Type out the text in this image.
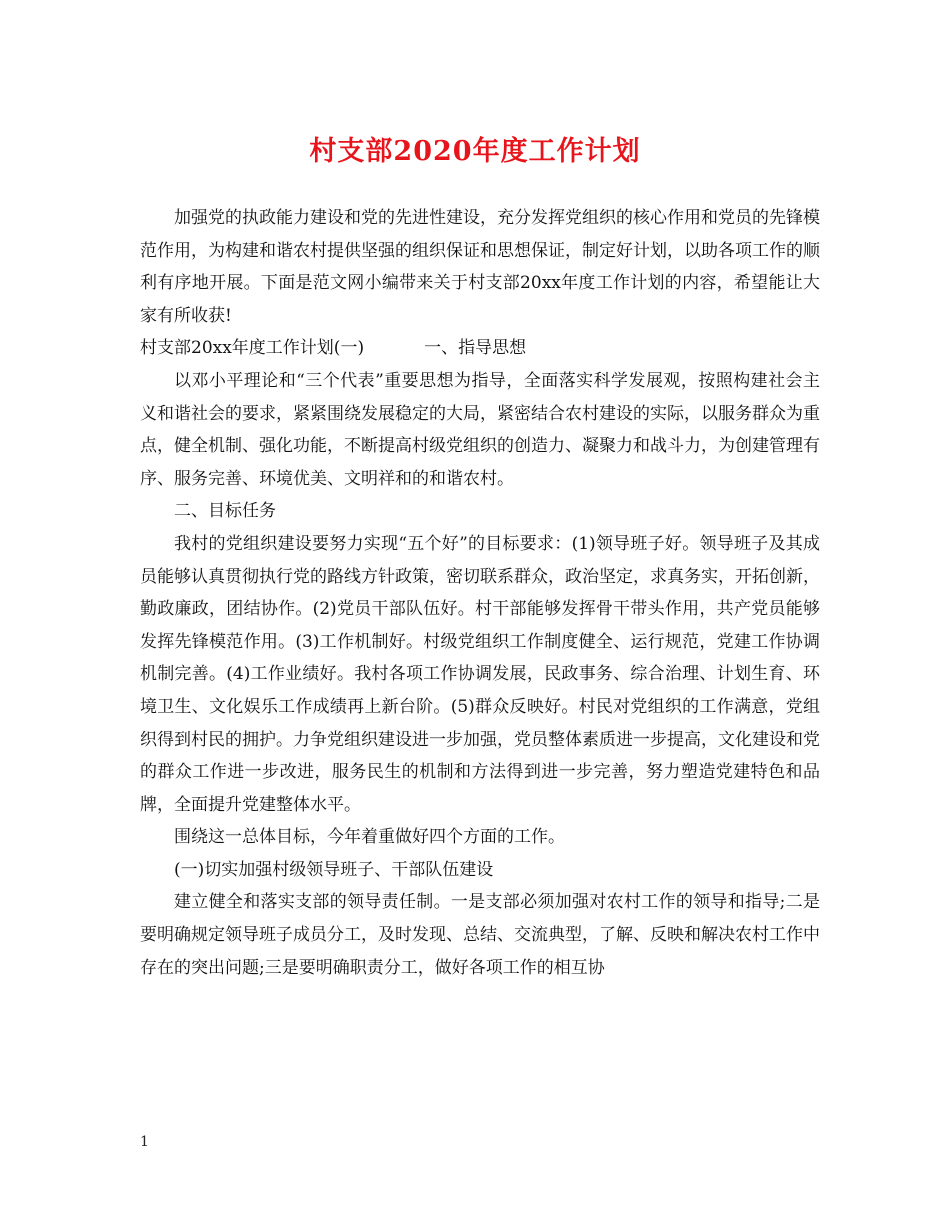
村支部2020年度工作计划

加强党的执政能力建设和党的先进性建设，充分发挥党组织的核心作用和党员的先锋模范作用，为构建和谐农村提供坚强的组织保证和思想保证，制定好计划，以助各项工作的顺利有序地开展。下面是范文网小编带来关于村支部20xx年度工作计划的内容，希望能让大家有所收获!

村支部20xx年度工作计划(一)	一、指导思想

以邓小平理论和“三个代表”重要思想为指导，全面落实科学发展观，按照构建社会主义和谐社会的要求，紧紧围绕发展稳定的大局，紧密结合农村建设的实际，以服务群众为重点，健全机制、强化功能，不断提高村级党组织的创造力、凝聚力和战斗力，为创建管理有序、服务完善、环境优美、文明祥和的和谐农村。

二、目标任务

我村的党组织建设要努力实现“五个好”的目标要求：(1)领导班子好。领导班子及其成员能够认真贯彻执行党的路线方针政策，密切联系群众，政治坚定，求真务实，开拓创新，勤政廉政，团结协作。(2)党员干部队伍好。村干部能够发挥骨干带头作用，共产党员能够发挥先锋模范作用。(3)工作机制好。村级党组织工作制度健全、运行规范，党建工作协调机制完善。(4)工作业绩好。我村各项工作协调发展，民政事务、综合治理、计划生育、环境卫生、文化娱乐工作成绩再上新台阶。(5)群众反映好。村民对党组织的工作满意，党组织得到村民的拥护。力争党组织建设进一步加强，党员整体素质进一步提高，文化建设和党的群众工作进一步改进，服务民生的机制和方法得到进一步完善，努力塑造党建特色和品牌，全面提升党建整体水平。

围绕这一总体目标，今年着重做好四个方面的工作。

(一)切实加强村级领导班子、干部队伍建设

建立健全和落实支部的领导责任制。一是支部必须加强对农村工作的领导和指导;二是要明确规定领导班子成员分工，及时发现、总结、交流典型，了解、反映和解决农村工作中存在的突出问题;三是要明确职责分工，做好各项工作的相互协

1
